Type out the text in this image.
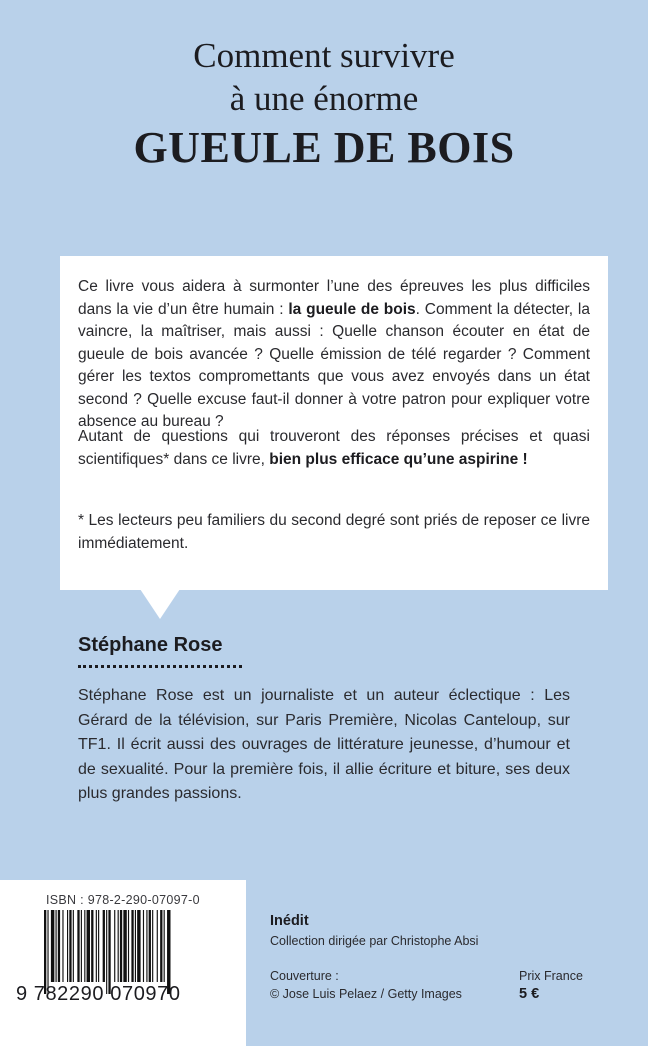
Comment survivre
à une énorme
GUEULE DE BOIS

Ce livre vous aidera à surmonter l’une des épreuves les plus difficiles dans la vie d’un être humain : la gueule de bois. Comment la détecter, la vaincre, la maîtriser, mais aussi : Quelle chanson écouter en état de gueule de bois avancée ? Quelle émission de télé regarder ? Comment gérer les textos compromettants que vous avez envoyés dans un état second ? Quelle excuse faut-il donner à votre patron pour expliquer votre absence au bureau ?

Autant de questions qui trouveront des réponses précises et quasi scientifiques* dans ce livre, bien plus efficace qu’une aspirine !

* Les lecteurs peu familiers du second degré sont priés de reposer ce livre immédiatement.

Stéphane Rose

Stéphane Rose est un journaliste et un auteur éclectique : Les Gérard de la télévision, sur Paris Première, Nicolas Canteloup, sur TF1. Il écrit aussi des ouvrages de littérature jeunesse, d’humour et de sexualité. Pour la première fois, il allie écriture et biture, ses deux plus grandes passions.

ISBN : 978-2-290-07097-0
9 782290 070970
Inédit
Collection dirigée par Christophe Absi
Couverture :
© Jose Luis Pelaez / Getty Images
Prix France
5 €
